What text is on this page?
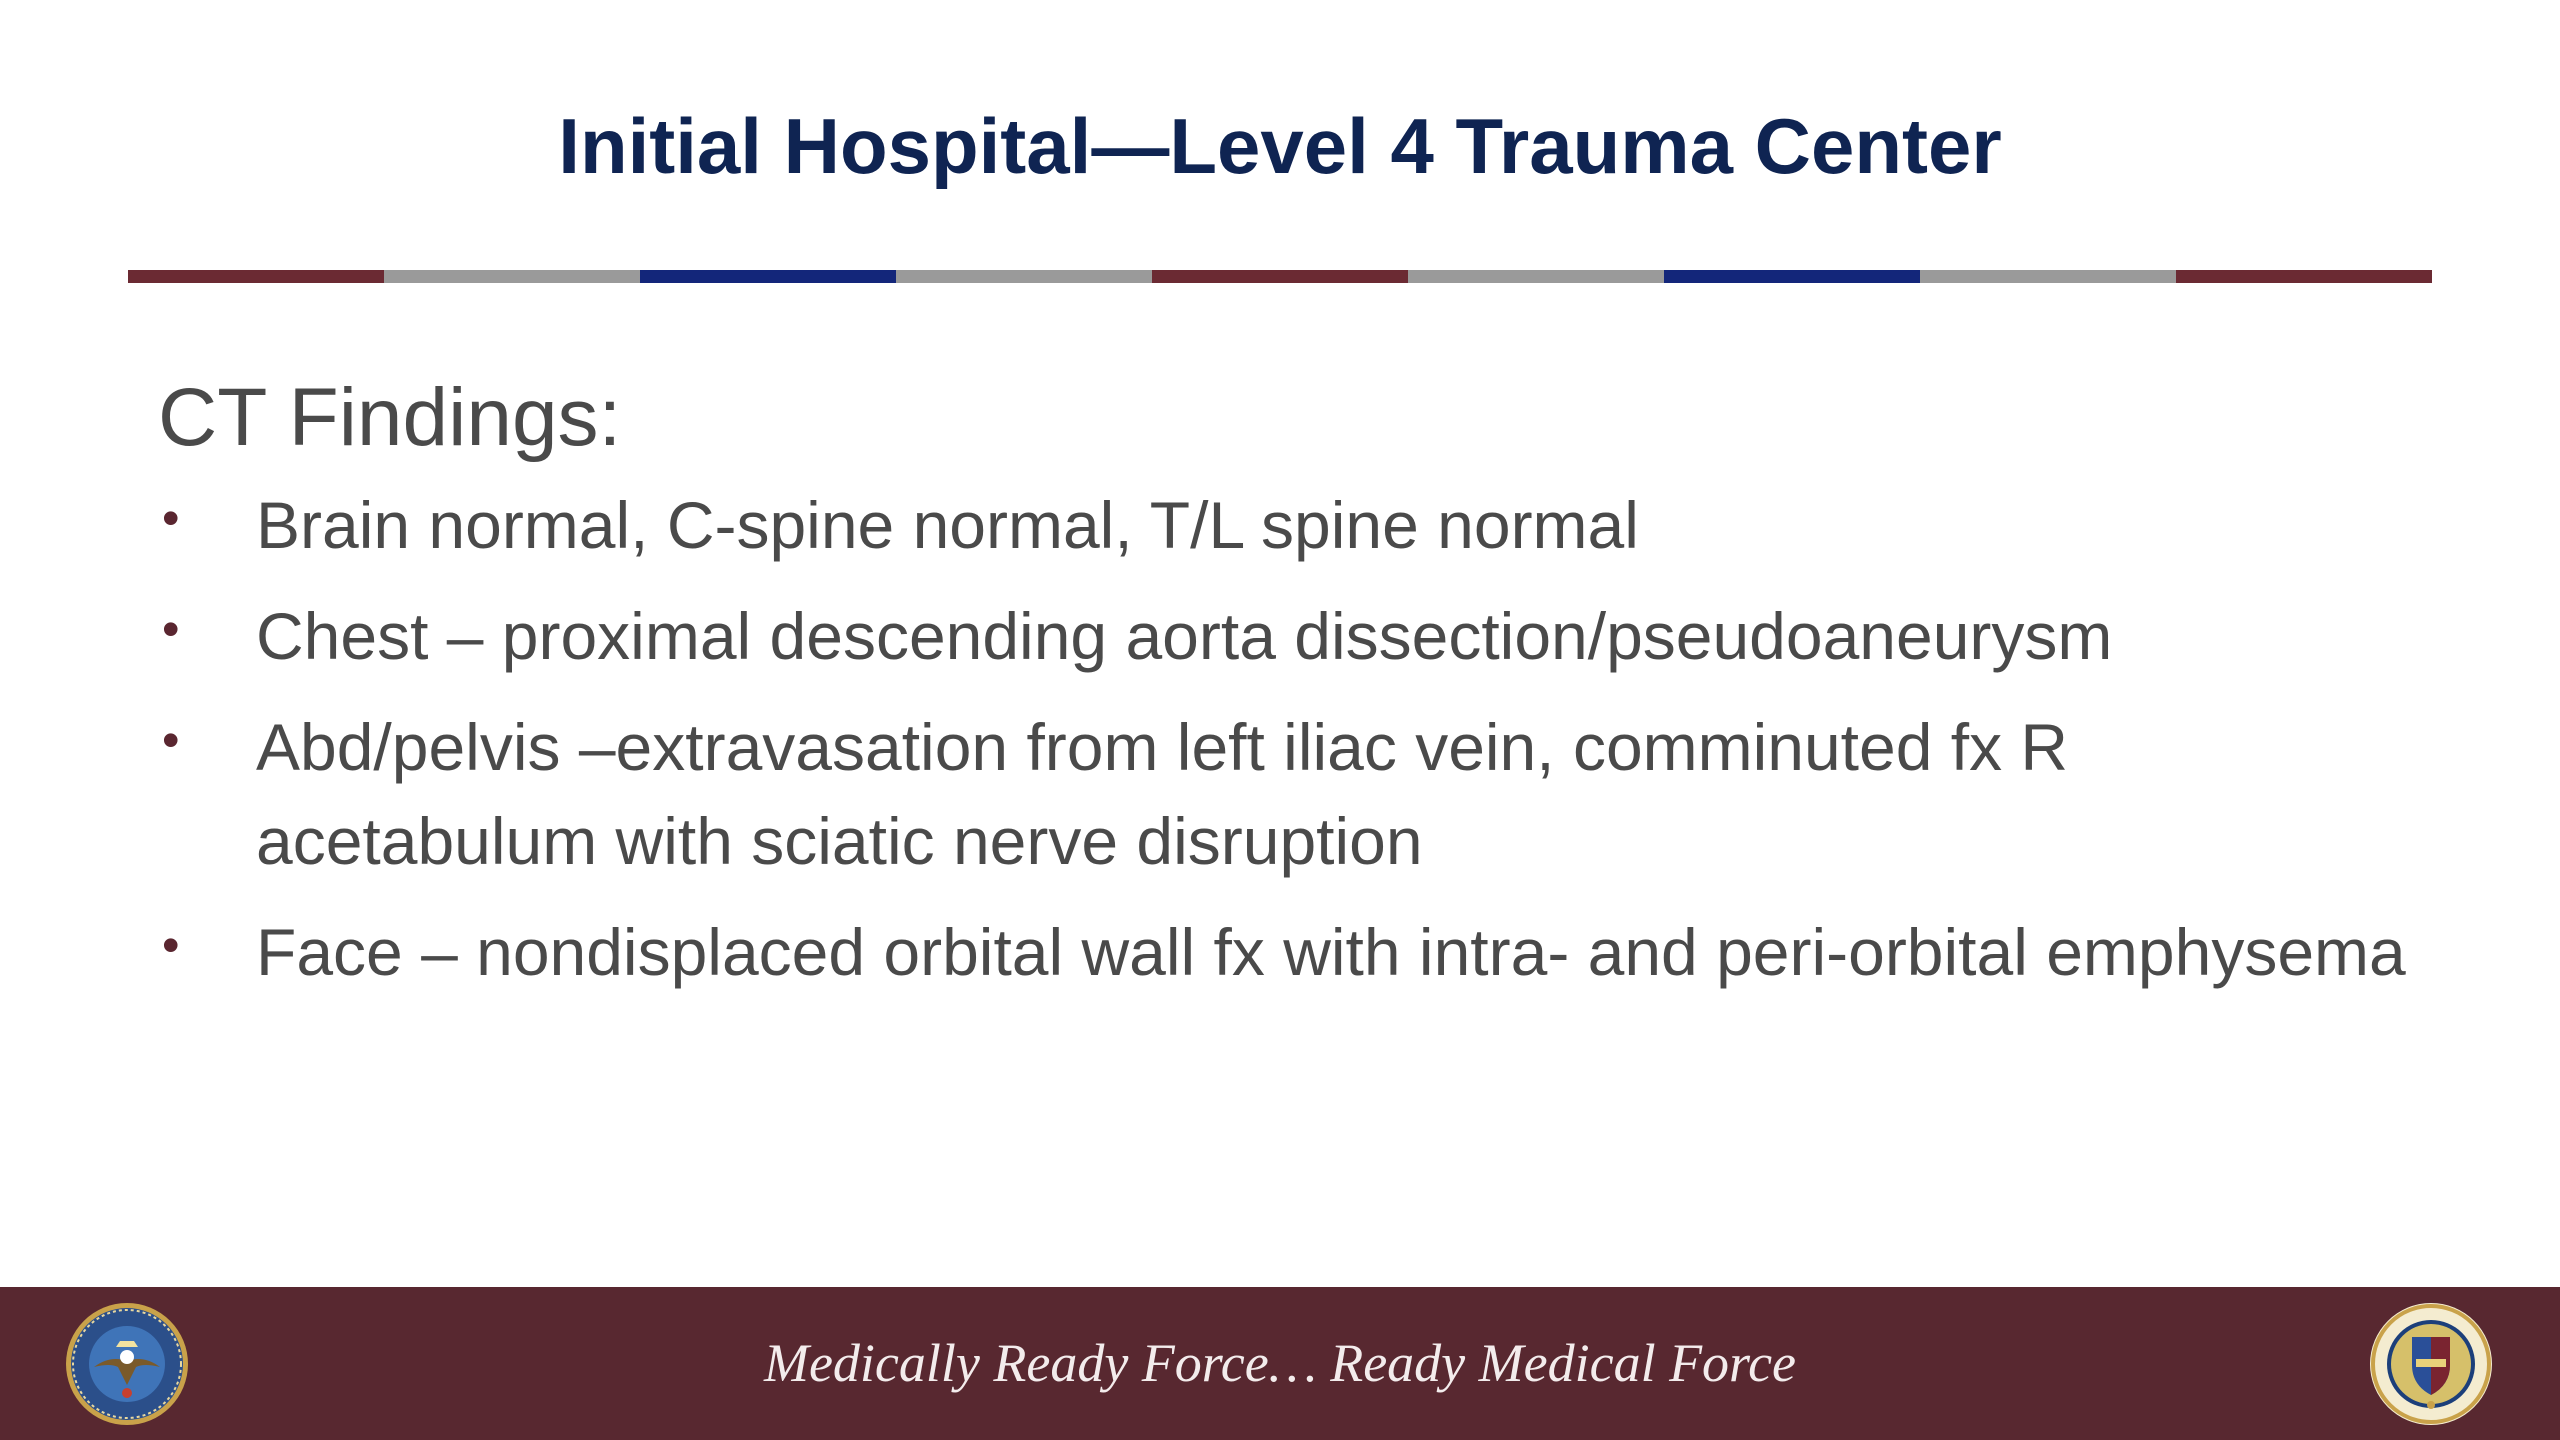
Initial Hospital—Level 4 Trauma Center
CT Findings:
• Brain normal, C-spine normal, T/L spine normal
• Chest – proximal descending aorta dissection/pseudoaneurysm
• Abd/pelvis –extravasation from left iliac vein, comminuted fx R acetabulum with sciatic nerve disruption
• Face – nondisplaced orbital wall fx with intra- and peri-orbital emphysema
Medically Ready Force… Ready Medical Force
